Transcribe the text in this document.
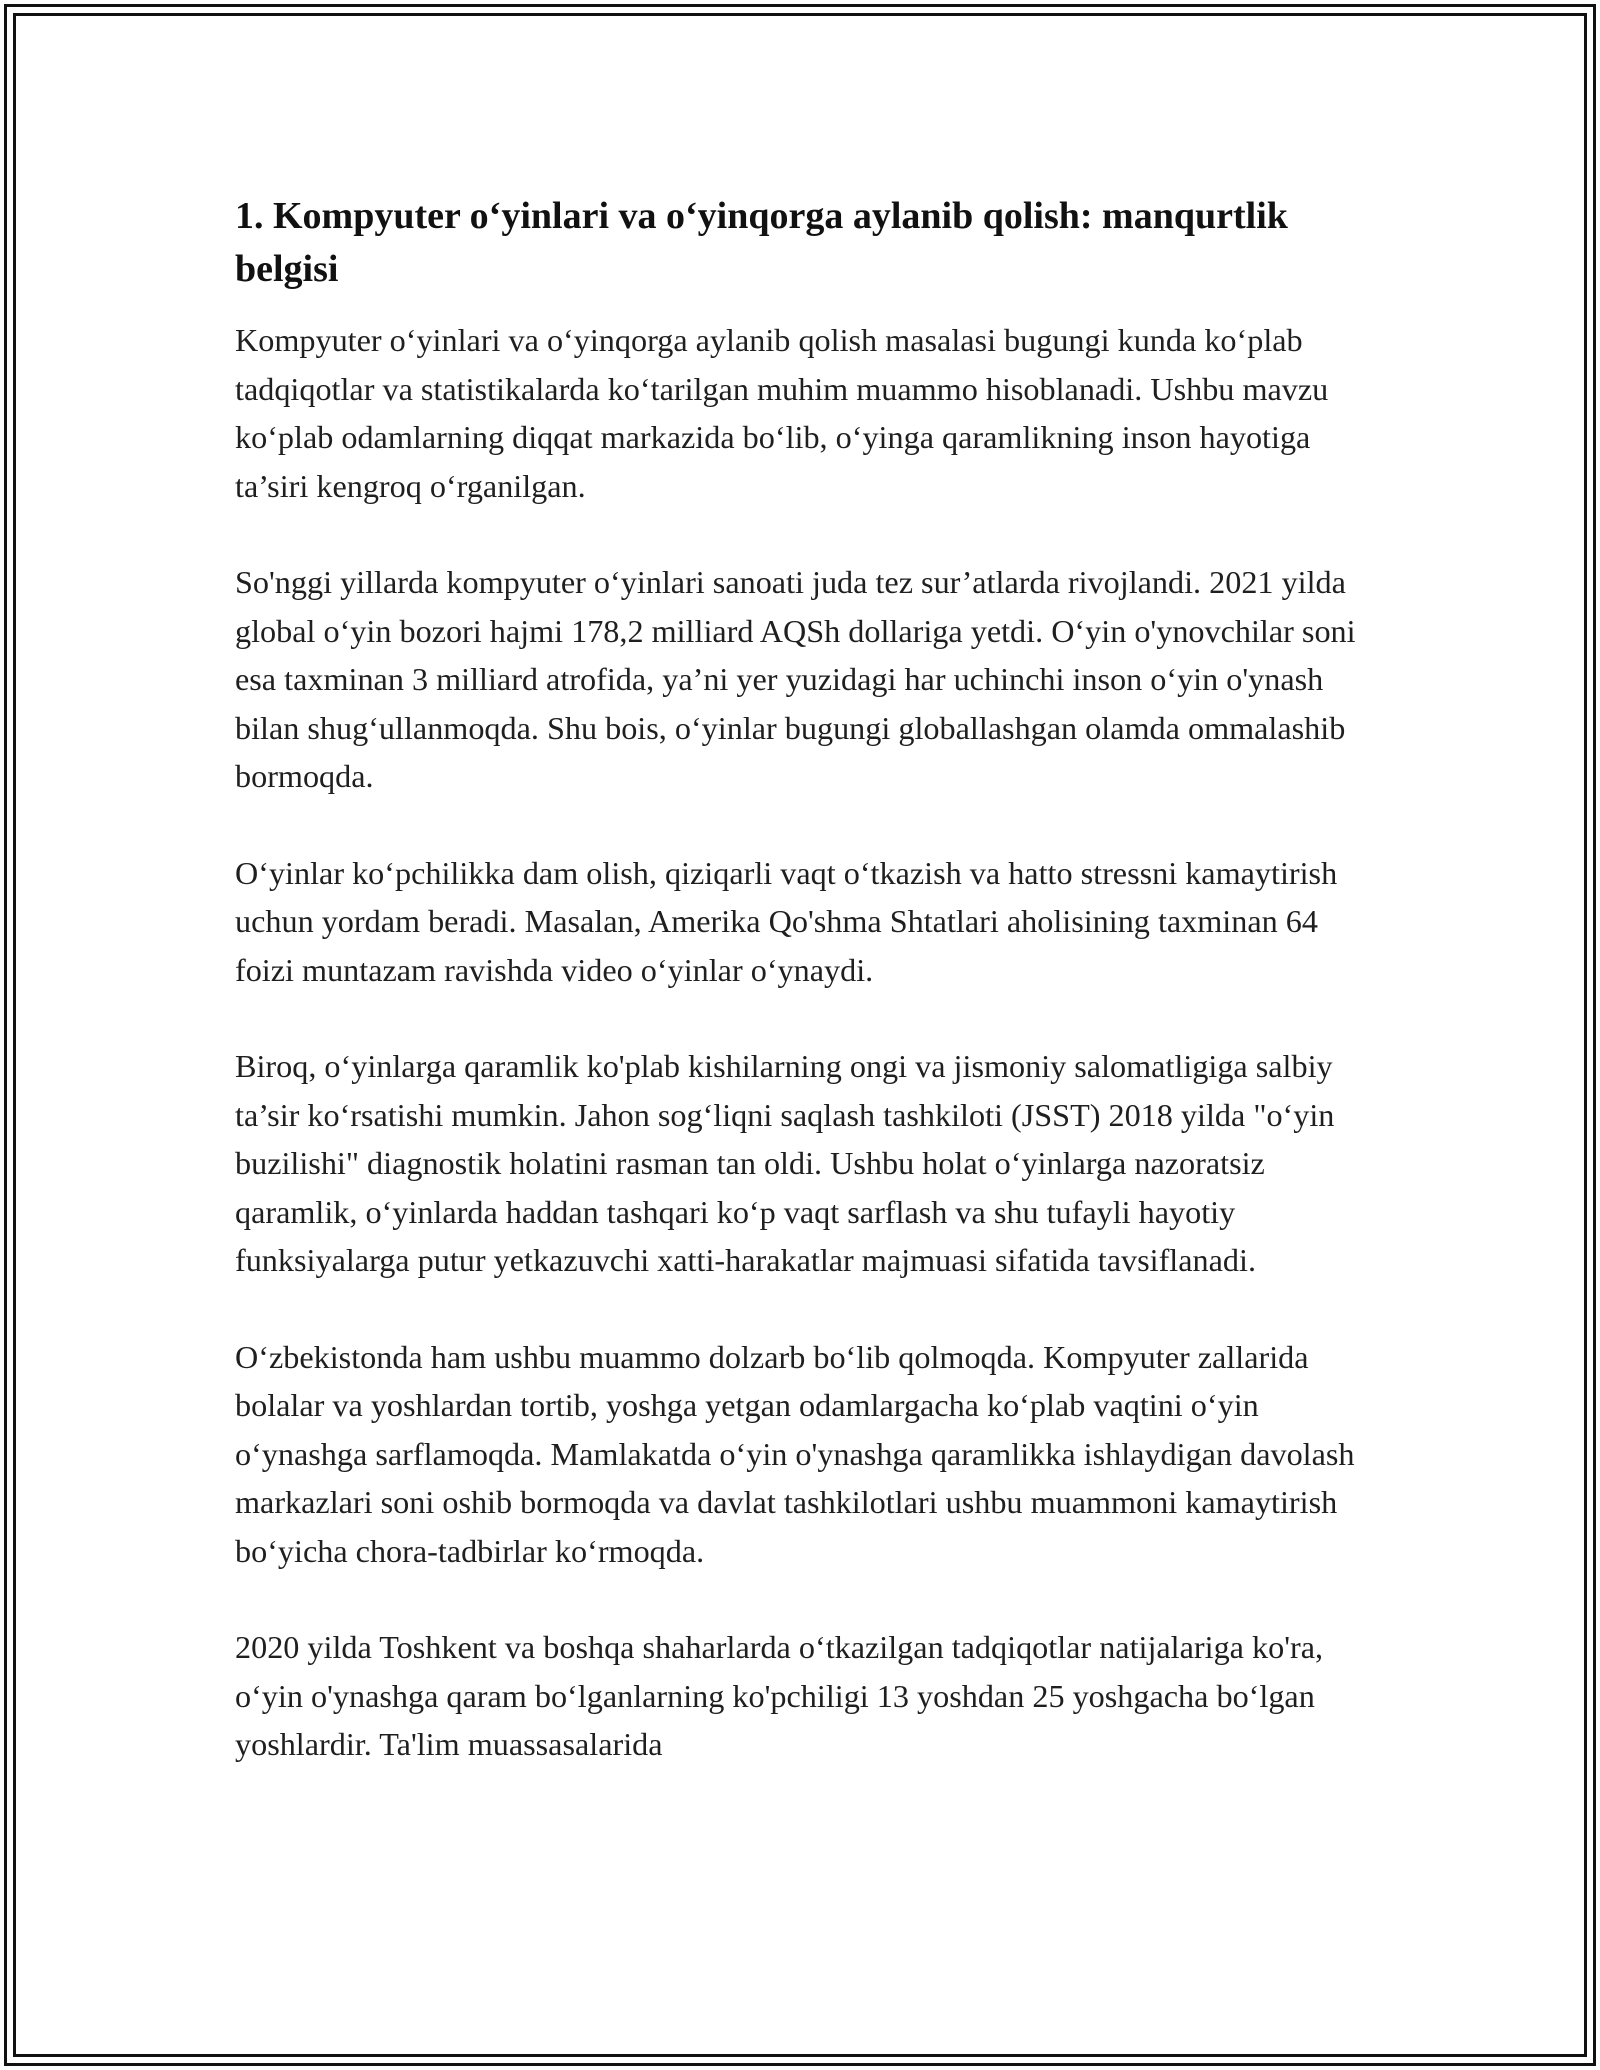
1. Kompyuter o‘yinlari va o‘yinqorga aylanib qolish: manqurtlik belgisi

Kompyuter o‘yinlari va o‘yinqorga aylanib qolish masalasi bugungi kunda ko‘plab tadqiqotlar va statistikalarda ko‘tarilgan muhim muammo hisoblanadi. Ushbu mavzu ko‘plab odamlarning diqqat markazida bo‘lib, o‘yinga qaramlikning inson hayotiga ta’siri kengroq o‘rganilgan.

So'nggi yillarda kompyuter o‘yinlari sanoati juda tez sur’atlarda rivojlandi. 2021 yilda global o‘yin bozori hajmi 178,2 milliard AQSh dollariga yetdi. O‘yin o'ynovchilar soni esa taxminan 3 milliard atrofida, ya’ni yer yuzidagi har uchinchi inson o‘yin o'ynash bilan shug‘ullanmoqda. Shu bois, o‘yinlar bugungi globallashgan olamda ommalashib bormoqda.

O‘yinlar ko‘pchilikka dam olish, qiziqarli vaqt o‘tkazish va hatto stressni kamaytirish uchun yordam beradi. Masalan, Amerika Qo'shma Shtatlari aholisining taxminan 64 foizi muntazam ravishda video o‘yinlar o‘ynaydi.

Biroq, o‘yinlarga qaramlik ko'plab kishilarning ongi va jismoniy salomatligiga salbiy ta’sir ko‘rsatishi mumkin. Jahon sog‘liqni saqlash tashkiloti (JSST) 2018 yilda "o‘yin buzilishi" diagnostik holatini rasman tan oldi. Ushbu holat o‘yinlarga nazoratsiz qaramlik, o‘yinlarda haddan tashqari ko‘p vaqt sarflash va shu tufayli hayotiy funksiyalarga putur yetkazuvchi xatti-harakatlar majmuasi sifatida tavsiflanadi.

O‘zbekistonda ham ushbu muammo dolzarb bo‘lib qolmoqda. Kompyuter zallarida bolalar va yoshlardan tortib, yoshga yetgan odamlargacha ko‘plab vaqtini o‘yin o‘ynashga sarflamoqda. Mamlakatda o‘yin o'ynashga qaramlikka ishlaydigan davolash markazlari soni oshib bormoqda va davlat tashkilotlari ushbu muammoni kamaytirish bo‘yicha chora-tadbirlar ko‘rmoqda.

2020 yilda Toshkent va boshqa shaharlarda o‘tkazilgan tadqiqotlar natijalariga ko'ra, o‘yin o'ynashga qaram bo‘lganlarning ko'pchiligi 13 yoshdan 25 yoshgacha bo‘lgan yoshlardir. Ta'lim muassasalarida
